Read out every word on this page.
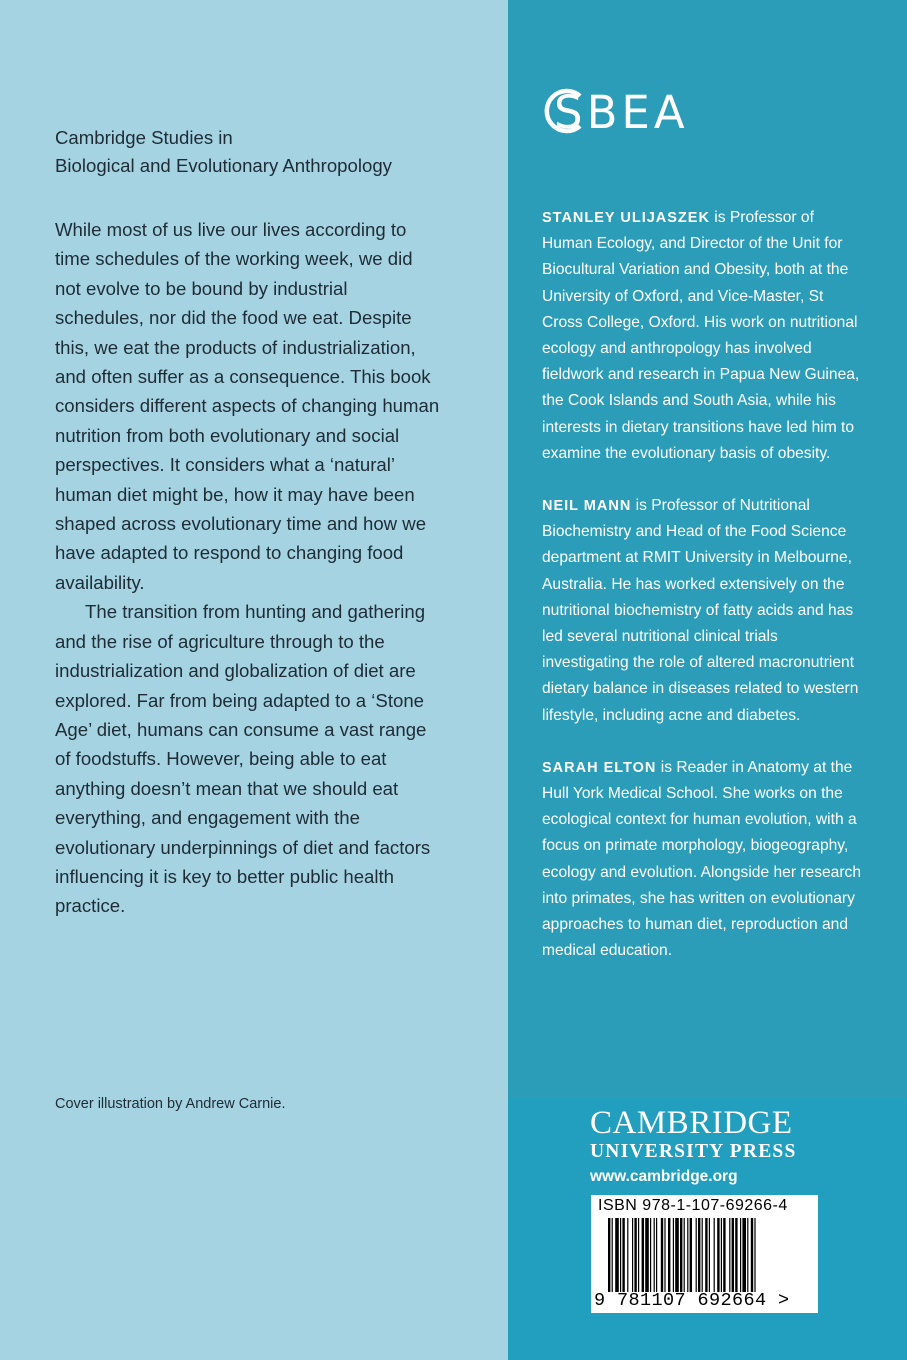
Cambridge Studies in
Biological and Evolutionary Anthropology

While most of us live our lives according to time schedules of the working week, we did not evolve to be bound by industrial schedules, nor did the food we eat. Despite this, we eat the products of industrialization, and often suffer as a consequence. This book considers different aspects of changing human nutrition from both evolutionary and social perspectives. It considers what a ‘natural’ human diet might be, how it may have been shaped across evolutionary time and how we have adapted to respond to changing food availability.

The transition from hunting and gathering and the rise of agriculture through to the industrialization and globalization of diet are explored. Far from being adapted to a ‘Stone Age’ diet, humans can consume a vast range of foodstuffs. However, being able to eat anything doesn’t mean that we should eat everything, and engagement with the evolutionary underpinnings of diet and factors influencing it is key to better public health practice.

Cover illustration by Andrew Carnie.
SBEA

STANLEY ULIJASZEK is Professor of Human Ecology, and Director of the Unit for Biocultural Variation and Obesity, both at the University of Oxford, and Vice-Master, St Cross College, Oxford. His work on nutritional ecology and anthropology has involved fieldwork and research in Papua New Guinea, the Cook Islands and South Asia, while his interests in dietary transitions have led him to examine the evolutionary basis of obesity.

NEIL MANN is Professor of Nutritional Biochemistry and Head of the Food Science department at RMIT University in Melbourne, Australia. He has worked extensively on the nutritional biochemistry of fatty acids and has led several nutritional clinical trials investigating the role of altered macronutrient dietary balance in diseases related to western lifestyle, including acne and diabetes.

SARAH ELTON is Reader in Anatomy at the Hull York Medical School. She works on the ecological context for human evolution, with a focus on primate morphology, biogeography, ecology and evolution. Alongside her research into primates, she has written on evolutionary approaches to human diet, reproduction and medical education.

CAMBRIDGE
UNIVERSITY PRESS
www.cambridge.org
ISBN 978-1-107-69266-4
9 781107 692664 >
